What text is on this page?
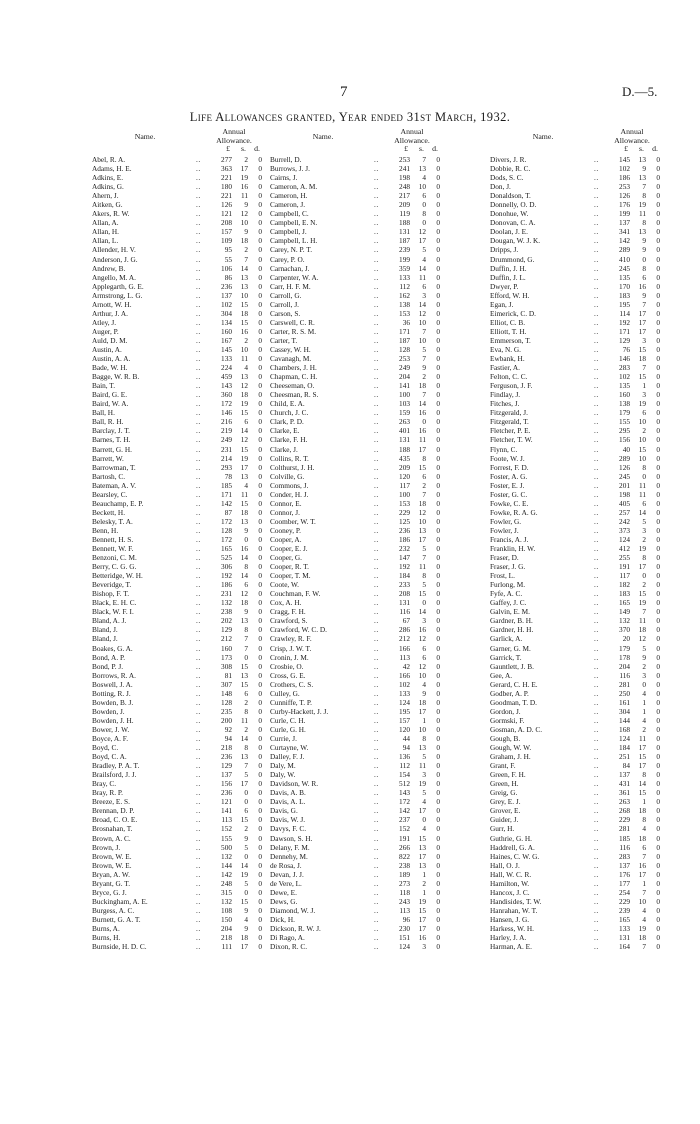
7	D.—5.
Life Allowances granted, Year ended 31st March, 1932.
Name.
Annual
Allowance.
£	s. d.
Abel, R. A.	277	2	0
..
Adams, H. E.	363	17	0
..
Adkins, E.	221	19	0
..
Adkins, G.	180	16	0
..
Ahern, J.	221	11	0
..
Aitken, G.	126	9	0
..
Akers, R. W.	121	12	0
..
Allan, A.	208	10	0
..
Allan, H.	157	9	0
..
Allan, L.	109	18	0
..
Allender, H. V.	95	2	0
..
Anderson, J. G.	55	7	0
..
Andrew, B.	106	14	0
..
Angello, M. A.	86	13	0
..
Applegarth, G. E.	236	13	0
..
Armstrong, L. G.	137	10	0
..
Arnott, W. H.	102	15	0
..
Arthur, J. A.	304	18	0
..
Atley, J.	134	15	0
..
Auger, P.	160	16	0
..
Auld, D. M.	167	2	0
..
Austin, A.	145	10	0
..
Austin, A. A.	133	11	0
..
Bade, W. H.	224	4	0
..
Bagge, W. R. B.	459	13	0
..
Bain, T.	143	12	0
..
Baird, G. E.	360	18	0
..
Baird, W. A.	172	19	0
..
Ball, H.	146	15	0
..
Ball, R. H.	216	6	0
..
Barclay, J. T.	219	14	0
..
Barnes, T. H.	249	12	0
..
Barrett, G. H.	231	15	0
..
Barrett, W.	214	19	0
..
Barrowman, T.	293	17	0
..
Bartosh, C.	78	13	0
..
Bateman, A. V.	185	4	0
..
Bearsley, C.	171	11	0
..
Beauchamp, E. P.	142	15	0
..
Beckett, H.	87	18	0
..
Belesky, T. A.	172	13	0
..
Benn, H.	128	9	0
..
Bennett, H. S.	172	0	0
..
Bennett, W. F.	165	16	0
..
Benzoni, C. M.	525	14	0
..
Berry, C. G. G.	306	8	0
..
Betteridge, W. H.	192	14	0
..
Beveridge, T.	186	6	0
..
Bishop, F. T.	231	12	0
..
Black, E. H. C.	132	18	0
..
Black, W. F. I.	238	9	0
..
Bland, A. J.	202	13	0
..
Bland, J.	129	8	0
..
Bland, J.	212	7	0
..
Boakes, G. A.	160	7	0
..
Bond, A. P.	173	0	0
..
Bond, P. J.	308	15	0
..
Borrows, R. A.	81	13	0
..
Boswell, J. A.	307	15	0
..
Botting, R. J.	148	6	0
..
Bowden, B. J.	128	2	0
..
Bowden, J.	235	8	0
..
Bowden, J. H.	200	11	0
..
Bower, J. W.	92	2	0
..
Boyce, A. F.	94	14	0
..
Boyd, C.	218	8	0
..
Boyd, C. A.	236	13	0
..
Bradley, P. A. T.	129	7	0
..
Brailsford, J. J.	137	5	0
..
Bray, C.	156	17	0
..
Bray, R. P.	236	0	0
..
Breeze, E. S.	121	0	0
..
Brennan, D. P.	141	6	0
..
Broad, C. O. E.	113	15	0
..
Brosnahan, T.	152	2	0
..
Brown, A. C.	155	9	0
..
Brown, J.	500	5	0
..
Brown, W. E.	132	0	0
..
Brown, W. E.	144	14	0
..
Bryan, A. W.	142	19	0
..
Bryant, G. T.	248	5	0
..
Bryce, G. J.	315	0	0
..
Buckingham, A. E.	132	15	0
..
Burgess, A. C.	108	9	0
..
Burnett, G. A. T.	150	4	0
..
Burns, A.	204	9	0
..
Burns, H.	218	18	0
..
Burnside, H. D. C.	111	17	0
..
Name.
Annual
Allowance.
£	s. d.
Burrell, D.	253	7	0
..
Burrows, J. J.	241	13	0
..
Cairns, J.	198	4	0
..
Cameron, A. M.	248	10	0
..
Cameron, H.	217	6	0
..
Cameron, J.	209	0	0
..
Campbell, C.	119	8	0
..
Campbell, E. N.	188	0	0
..
Campbell, J.	131	12	0
..
Campbell, L. H.	187	17	0
..
Carey, N. P. T.	239	5	0
..
Carey, P. O.	199	4	0
..
Carnachan, J.	359	14	0
..
Carpenter, W. A.	133	11	0
..
Carr, H. F. M.	112	6	0
..
Carroll, G.	162	3	0
..
Carroll, J.	138	14	0
..
Carson, S.	153	12	0
..
Carswell, C. R.	36	10	0
..
Carter, R. S. M.	171	7	0
..
Carter, T.	187	10	0
..
Cassey, W. H.	128	5	0
..
Cavanagh, M.	253	7	0
..
Chambers, J. H.	249	9	0
..
Chapman, C. H.	204	2	0
..
Cheeseman, O.	141	18	0
..
Cheesman, R. S.	100	7	0
..
Child, E. A.	103	14	0
..
Church, J. C.	159	16	0
..
Clark, P. D.	263	0	0
..
Clarke, E.	401	16	0
..
Clarke, F. H.	131	11	0
..
Clarke, J.	188	17	0
..
Collins, R. T.	435	8	0
..
Colthurst, J. H.	209	15	0
..
Colville, G.	120	6	0
..
Commons, J.	117	2	0
..
Conder, H. J.	100	7	0
..
Connor, E.	153	18	0
..
Connor, J.	229	12	0
..
Coomber, W. T.	125	10	0
..
Cooney, P.	236	13	0
..
Cooper, A.	186	17	0
..
Cooper, E. J.	232	5	0
..
Cooper, G.	147	7	0
..
Cooper, R. T.	192	11	0
..
Cooper, T. M.	184	8	0
..
Coote, W.	233	5	0
..
Couchman, F. W.	208	15	0
..
Cox, A. H.	131	0	0
..
Cragg, F. H.	116	14	0
..
Crawford, S.	67	3	0
..
Crawford, W. C. D.	286	16	0
..
Crawley, R. F.	212	12	0
..
Crisp, J. W. T.	166	6	0
..
Cronin, J. M.	113	6	0
..
Crosbie, O.	42	12	0
..
Cross, G. E.	166	10	0
..
Crothers, C. S.	102	4	0
..
Culley, G.	133	9	0
..
Cunniffe, T. P.	124	18	0
..
Curby-Hackett, J. J.	195	17	0
..
Curle, C. H.	157	1	0
..
Curle, G. H.	120	10	0
..
Currie, J.	44	8	0
..
Curtayne, W.	94	13	0
..
Dalley, F. J.	136	5	0
..
Daly, M.	112	11	0
..
Daly, W.	154	3	0
..
Davidson, W. R.	512	19	0
..
Davis, A. B.	143	5	0
..
Davis, A. L.	172	4	0
..
Davis, G.	142	17	0
..
Davis, W. J.	237	0	0
..
Davys, F. C.	152	4	0
..
Dawson, S. H.	191	15	0
..
Delany, F. M.	266	13	0
..
Dennehy, M.	822	17	0
..
de Rosa, J.	238	13	0
..
Devan, J. J.	189	1	0
..
de Vere, L.	273	2	0
..
Dewe, E.	118	1	0
..
Dews, G.	243	19	0
..
Diamond, W. J.	113	15	0
..
Dick, H.	96	17	0
..
Dickson, R. W. J.	230	17	0
..
Di Rago, A.	151	16	0
..
Dixon, R. C.	124	3	0
..
Name.
Annual
Allowance.
£	s. d.
Divers, J. R.	145	13	0
..
Dobbie, R. C.	102	9	0
..
Dods, S. C.	186	13	0
..
Don, J.	253	7	0
..
Donaldson, T.	126	8	0
..
Donnelly, O. D.	176	19	0
..
Donohue, W.	199	11	0
..
Donovan, C. A.	137	8	0
..
Doolan, J. E.	341	13	0
..
Dougan, W. J. K.	142	9	0
..
Dripps, J.	289	9	0
..
Drummond, G.	410	0	0
..
Duffin, J. H.	245	8	0
..
Duffin, J. L.	135	6	0
..
Dwyer, P.	170	16	0
..
Efford, W. H.	183	9	0
..
Egan, J.	195	7	0
..
Eimerick, C. D.	114	17	0
..
Elliot, C. B.	192	17	0
..
Elliott, T. H.	171	17	0
..
Emmerson, T.	129	3	0
..
Eva, N. G.	76	15	0
..
Ewbank, H.	146	18	0
..
Fastier, A.	283	7	0
..
Felton, C. C.	102	15	0
..
Ferguson, J. F.	135	1	0
..
Findlay, J.	160	3	0
..
Fitches, J.	138	19	0
..
Fitzgerald, J.	179	6	0
..
Fitzgerald, T.	155	10	0
..
Fletcher, P. E.	295	2	0
..
Fletcher, T. W.	156	10	0
..
Flynn, C.	40	15	0
..
Foote, W. J.	289	10	0
..
Forrest, F. D.	126	8	0
..
Foster, A. G.	245	0	0
..
Foster, E. J.	201	11	0
..
Foster, G. C.	198	11	0
..
Fowke, C. E.	405	6	0
..
Fowke, R. A. G.	257	14	0
..
Fowler, G.	242	5	0
..
Fowler, J.	373	3	0
..
Francis, A. J.	124	2	0
..
Franklin, H. W.	412	19	0
..
Fraser, D.	255	8	0
..
Fraser, J. G.	191	17	0
..
Frost, L.	117	0	0
..
Furlong, M.	182	2	0
..
Fyfe, A. C.	183	15	0
..
Gaffey, J. C.	165	19	0
..
Galvin, E. M.	149	7	0
..
Gardner, B. H.	132	11	0
..
Gardner, H. H.	370	18	0
..
Garlick, A.	20	12	0
..
Garner, G. M.	179	5	0
..
Garrick, T.	178	9	0
..
Gauntlett, J. B.	204	2	0
..
Gee, A.	116	3	0
..
Gerard, C. H. E.	281	0	0
..
Godber, A. P.	250	4	0
..
Goodman, T. D.	161	1	0
..
Gordon, J.	304	1	0
..
Gormski, F.	144	4	0
..
Gosman, A. D. C.	168	2	0
..
Gough, B.	124	11	0
..
Gough, W. W.	184	17	0
..
Graham, J. H.	251	15	0
..
Grant, F.	84	17	0
..
Green, F. H.	137	8	0
..
Green, H.	431	14	0
..
Greig, G.	361	15	0
..
Grey, E. J.	263	1	0
..
Grover, E.	268	18	0
..
Guider, J.	229	8	0
..
Gurr, H.	281	4	0
..
Guthrie, G. H.	185	18	0
..
Haddrell, G. A.	116	6	0
..
Haines, C. W. G.	283	7	0
..
Hall, O. J.	137	16	0
..
Hall, W. C. R.	176	17	0
..
Hamilton, W.	177	1	0
..
Hancox, J. C.	254	7	0
..
Handisides, T. W.	229	10	0
..
Hanrahan, W. T.	239	4	0
..
Hansen, J. G.	165	4	0
..
Harkess, W. H.	133	19	0
..
Harley, J. A.	131	18	0
..
Harman, A. E.	164	7	0
..
